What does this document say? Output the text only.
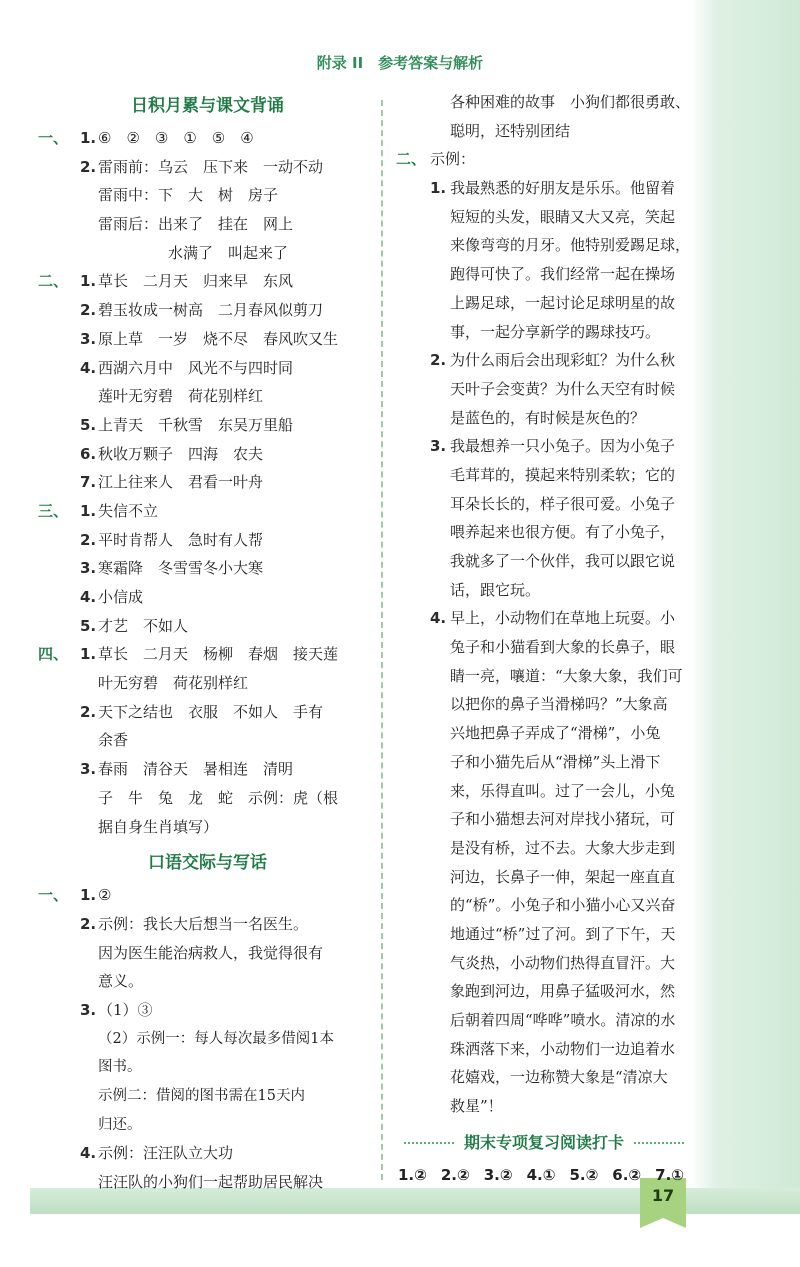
17
附录 II　参考答案与解析
日积月累与课文背诵
一、 1. ⑥　②　③　①　⑤　④
2. 雷雨前：乌云　压下来　一动不动
雷雨中：下　大　树　房子
雷雨后：出来了　挂在　网上
水满了　叫起来了
二、 1. 草长　二月天　归来早　东风
2. 碧玉妆成一树高　二月春风似剪刀
3. 原上草　一岁　烧不尽　春风吹又生
4. 西湖六月中　风光不与四时同
莲叶无穷碧　荷花别样红
5. 上青天　千秋雪　东吴万里船
6. 秋收万颗子　四海　农夫
7. 江上往来人　君看一叶舟
三、 1. 失信不立
2. 平时肯帮人　急时有人帮
3. 寒霜降　冬雪雪冬小大寒
4. 小信成
5. 才艺　不如人
四、 1. 草长　二月天　杨柳　春烟　接天莲
叶无穷碧　荷花别样红
2. 天下之结也　衣服　不如人　手有
余香
3. 春雨　清谷天　暑相连　清明
子　牛　兔　龙　蛇　示例：虎（根
据自身生肖填写）
口语交际与写话
一、 1. ②
2. 示例：我长大后想当一名医生。
因为医生能治病救人，我觉得很有
意义。
3. （1）③
（2）示例一：每人每次最多借阅1本
图书。
示例二：借阅的图书需在15天内
归还。
4. 示例：汪汪队立大功
汪汪队的小狗们一起帮助居民解决
各种困难的故事　小狗们都很勇敢、
聪明，还特别团结
二、 示例：
1. 我最熟悉的好朋友是乐乐。他留着
短短的头发，眼睛又大又亮，笑起
来像弯弯的月牙。他特别爱踢足球，
跑得可快了。我们经常一起在操场
上踢足球，一起讨论足球明星的故
事，一起分享新学的踢球技巧。
2. 为什么雨后会出现彩虹？为什么秋
天叶子会变黄？为什么天空有时候
是蓝色的，有时候是灰色的？
3. 我最想养一只小兔子。因为小兔子
毛茸茸的，摸起来特别柔软；它的
耳朵长长的，样子很可爱。小兔子
喂养起来也很方便。有了小兔子，
我就多了一个伙伴，我可以跟它说
话，跟它玩。
4. 早上，小动物们在草地上玩耍。小
兔子和小猫看到大象的长鼻子，眼
睛一亮，嚷道：“大象大象，我们可
以把你的鼻子当滑梯吗？”大象高
兴地把鼻子弄成了“滑梯”，小兔
子和小猫先后从“滑梯”头上滑下
来，乐得直叫。过了一会儿，小兔
子和小猫想去河对岸找小猪玩，可
是没有桥，过不去。大象大步走到
河边，长鼻子一伸，架起一座直直
的“桥”。小兔子和小猫小心又兴奋
地通过“桥”过了河。到了下午，天
气炎热，小动物们热得直冒汗。大
象跑到河边，用鼻子猛吸河水，然
后朝着四周“哗哗”喷水。清凉的水
珠洒落下来，小动物们一边追着水
花嬉戏，一边称赞大象是“清凉大
救星”！
期末专项复习阅读打卡
1.② 2.② 3.② 4.① 5.② 6.② 7.①
